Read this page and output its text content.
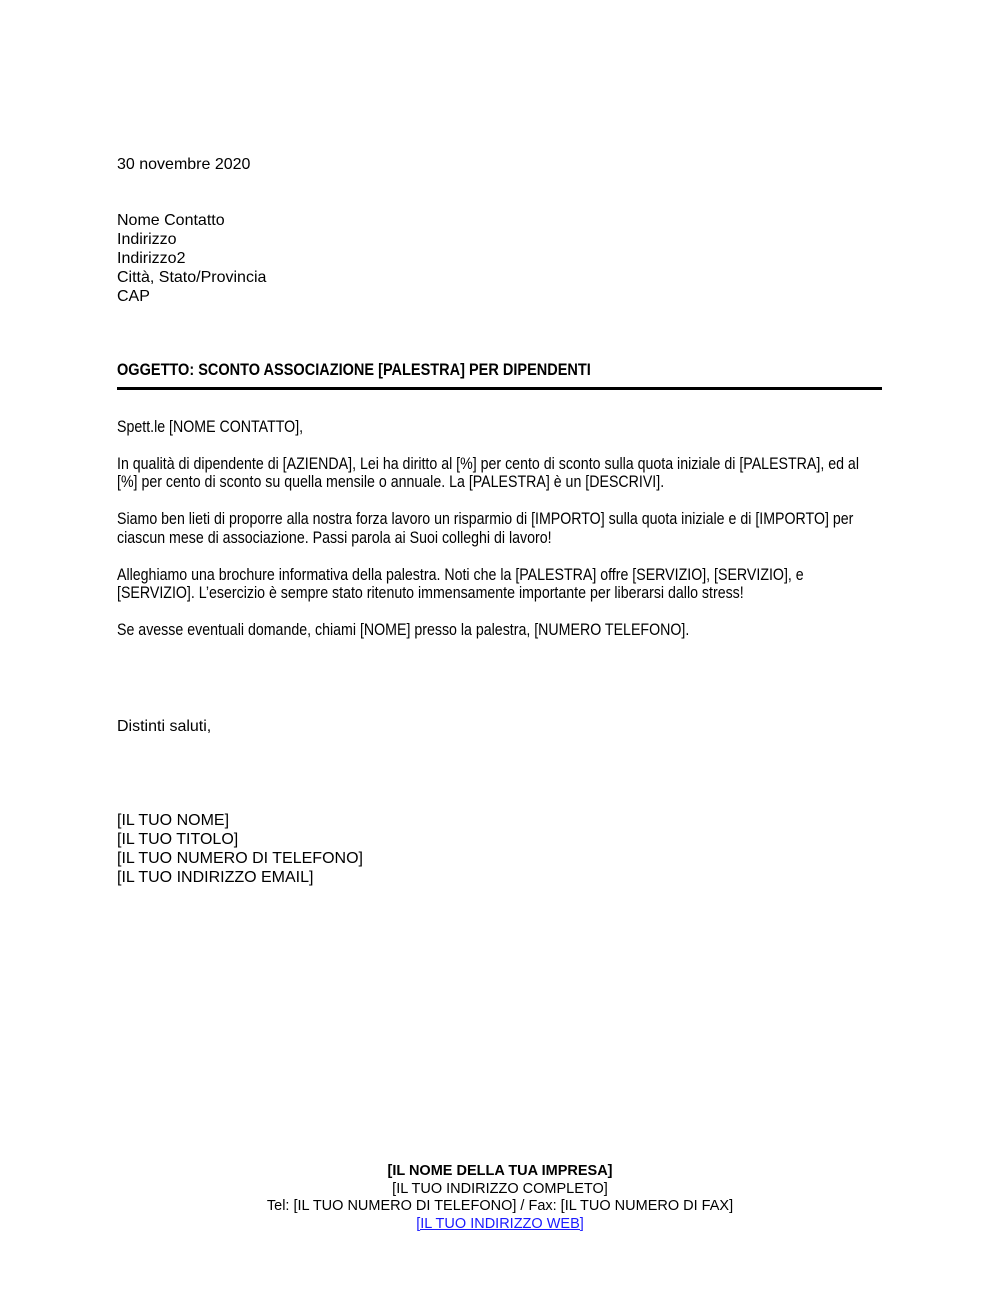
30 novembre 2020
Nome Contatto
Indirizzo
Indirizzo2
Città, Stato/Provincia
CAP
OGGETTO: SCONTO ASSOCIAZIONE [PALESTRA] PER DIPENDENTI

Spett.le [NOME CONTATTO],

In qualità di dipendente di [AZIENDA], Lei ha diritto al [%] per cento di sconto sulla quota iniziale di [PALESTRA], ed al [%] per cento di sconto su quella mensile o annuale. La [PALESTRA] è un [DESCRIVI].

Siamo ben lieti di proporre alla nostra forza lavoro un risparmio di [IMPORTO] sulla quota iniziale e di [IMPORTO] per ciascun mese di associazione. Passi parola ai Suoi colleghi di lavoro!

Alleghiamo una brochure informativa della palestra. Noti che la [PALESTRA] offre [SERVIZIO], [SERVIZIO], e [SERVIZIO]. L’esercizio è sempre stato ritenuto immensamente importante per liberarsi dallo stress!

Se avesse eventuali domande, chiami [NOME] presso la palestra, [NUMERO TELEFONO].

Distinti saluti,
[IL TUO NOME]
[IL TUO TITOLO]
[IL TUO NUMERO DI TELEFONO]
[IL TUO INDIRIZZO EMAIL]
[IL NOME DELLA TUA IMPRESA]
[IL TUO INDIRIZZO COMPLETO]
Tel: [IL TUO NUMERO DI TELEFONO] / Fax: [IL TUO NUMERO DI FAX]
[IL TUO INDIRIZZO WEB]
